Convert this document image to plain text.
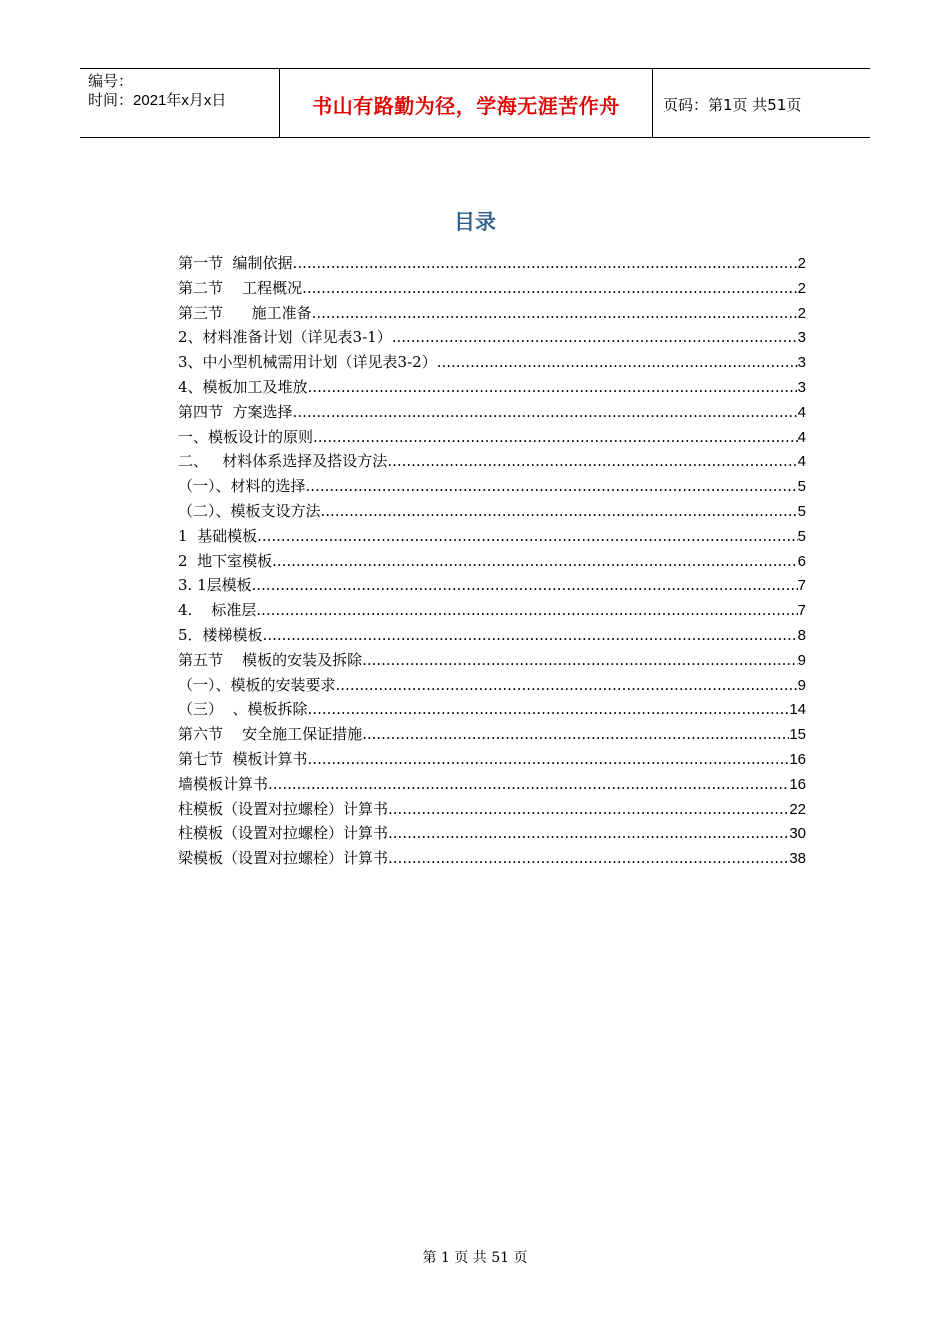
编号：
时间：2021年x月x日	书山有路勤为径，学海无涯苦作舟	页码：第1页 共51页
目录
第一节  编制依据 .....	2
第二节    工程概况 .....	2
第三节      施工准备 .....	2
2、材料准备计划（详见表3-1） .....	3
3、中小型机械需用计划（详见表3-2） .....	3
4、模板加工及堆放 .....	3
第四节  方案选择 .....	4
一、模板设计的原则 .....	4
二、   材料体系选择及搭设方法 .....	4
（一）、材料的选择 .....	5
（二）、模板支设方法 .....	5
1  基础模板 .....	5
2  地下室模板 .....	6
3. 1层模板 .....	7
4.    标准层 .....	7
5．楼梯模板 .....	8
第五节    模板的安装及拆除 .....	9
（一）、模板的安装要求 .....	9
（三）  、模板拆除 .....	14
第六节    安全施工保证措施 .....	15
第七节  模板计算书 .....	16
墙模板计算书 .....	16
柱模板（设置对拉螺栓）计算书 .....	22
柱模板（设置对拉螺栓）计算书 .....	30
梁模板（设置对拉螺栓）计算书 .....	38
第 1 页 共 51 页
